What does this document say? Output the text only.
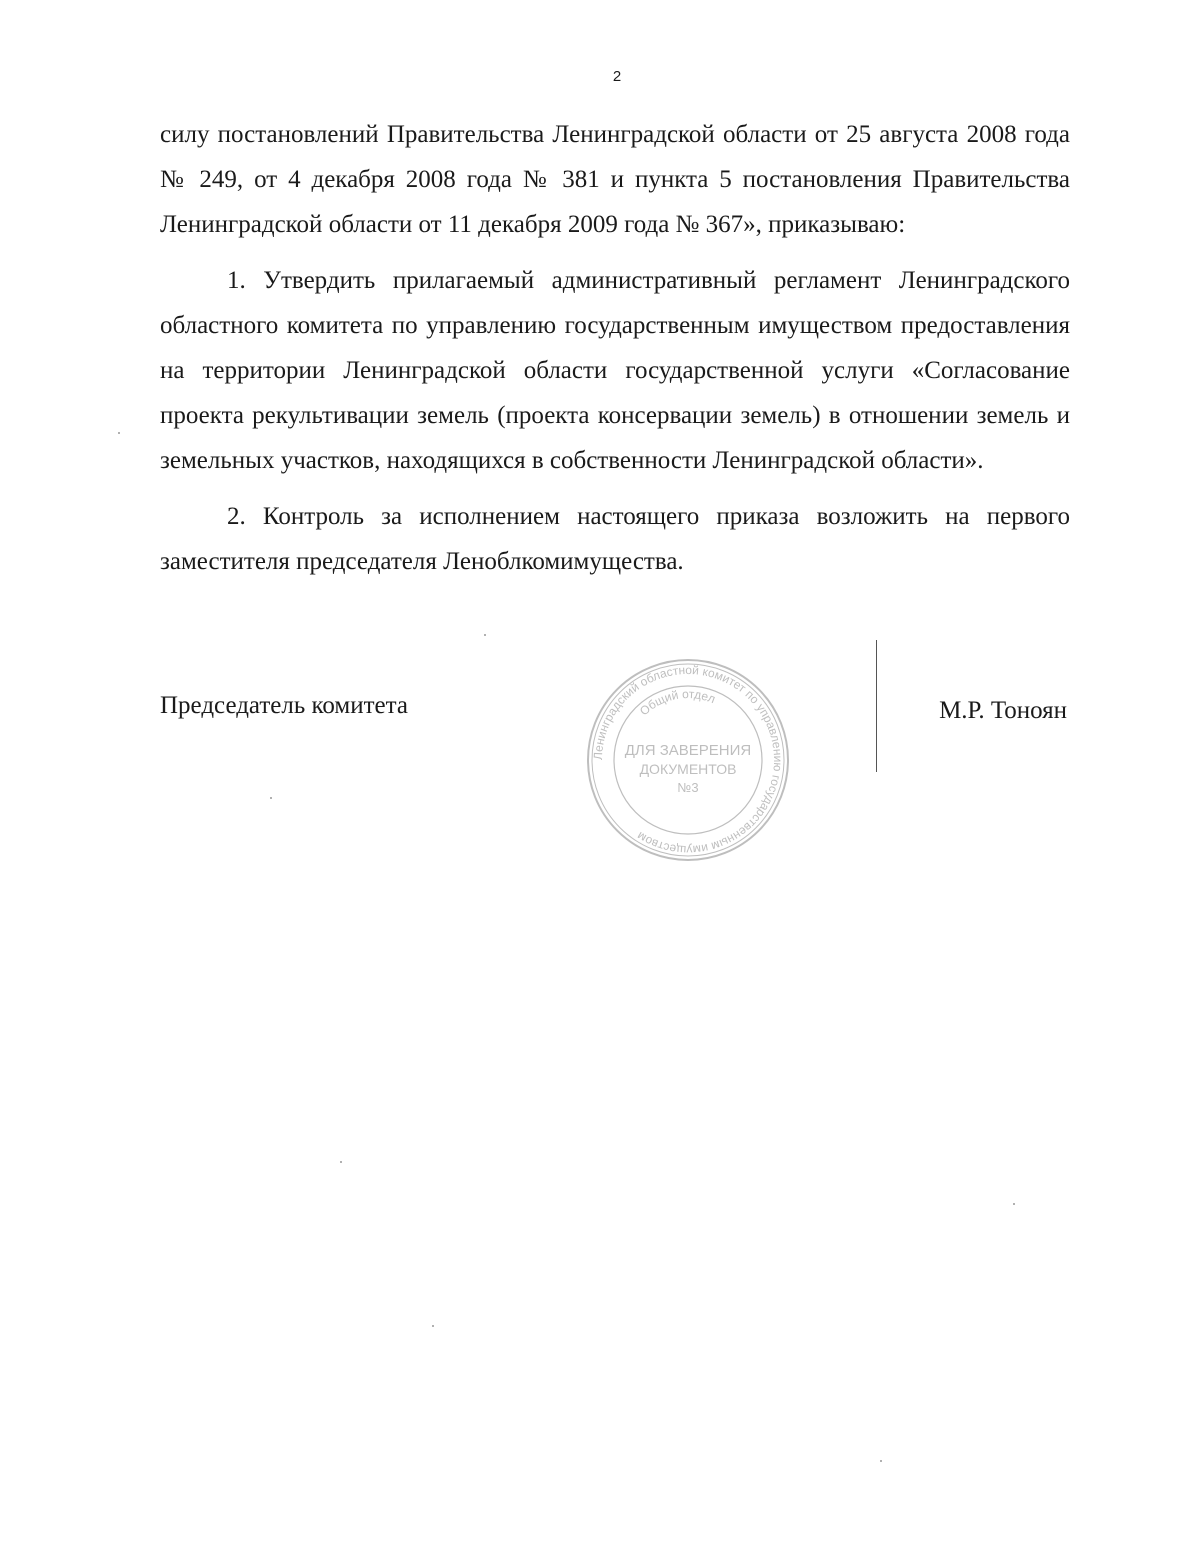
2

силу постановлений Правительства Ленинградской области от 25 августа 2008 года № 249, от 4 декабря 2008 года № 381 и пункта 5 постановления Правительства Ленинградской области от 11 декабря 2009 года № 367», приказываю:

1. Утвердить прилагаемый административный регламент Ленинградского областного комитета по управлению государственным имуществом предоставления на территории Ленинградской области государственной услуги «Согласование проекта рекультивации земель (проекта консервации земель) в отношении земель и земельных участков, находящихся в собственности Ленинградской области».

2. Контроль за исполнением настоящего приказа возложить на первого заместителя председателя Леноблкомимущества.

Председатель комитета
Ленинградский областной комитет по управлению государственным имуществом
Общий отдел
ДЛЯ ЗАВЕРЕНИЯ
ДОКУМЕНТОВ
№3
М.Р. Тоноян
